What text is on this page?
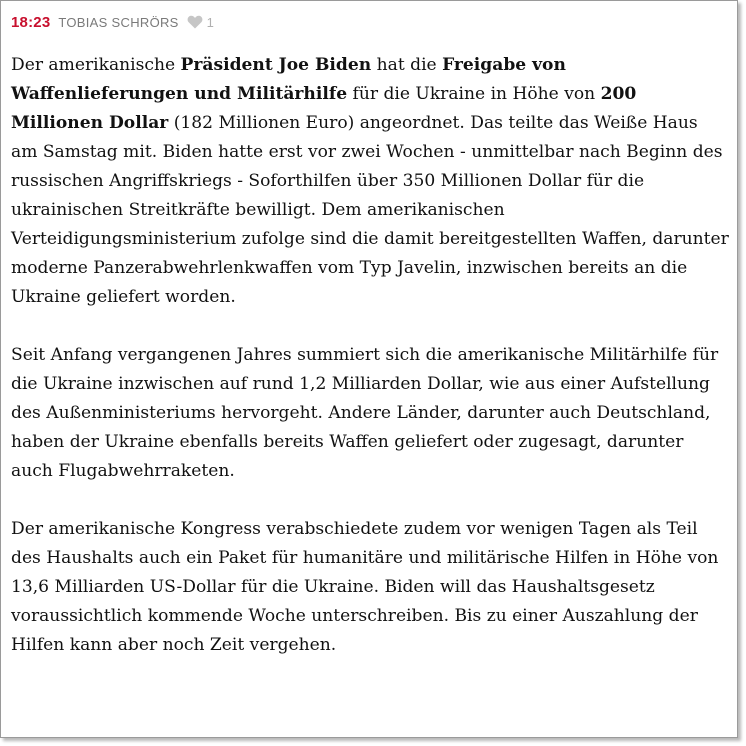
18:23 TOBIAS SCHRÖRS 1

Der amerikanische Präsident Joe Biden hat die Freigabe von Waffenlieferungen und Militärhilfe für die Ukraine in Höhe von 200 Millionen Dollar (182 Millionen Euro) angeordnet. Das teilte das Weiße Haus am Samstag mit. Biden hatte erst vor zwei Wochen - unmittelbar nach Beginn des russischen Angriffskriegs - Soforthilfen über 350 Millionen Dollar für die ukrainischen Streitkräfte bewilligt. Dem amerikanischen Verteidigungsministerium zufolge sind die damit bereitgestellten Waffen, darunter moderne Panzerabwehrlenkwaffen vom Typ Javelin, inzwischen bereits an die Ukraine geliefert worden.

Seit Anfang vergangenen Jahres summiert sich die amerikanische Militärhilfe für die Ukraine inzwischen auf rund 1,2 Milliarden Dollar, wie aus einer Aufstellung des Außenministeriums hervorgeht. Andere Länder, darunter auch Deutschland, haben der Ukraine ebenfalls bereits Waffen geliefert oder zugesagt, darunter auch Flugabwehrraketen.

Der amerikanische Kongress verabschiedete zudem vor wenigen Tagen als Teil des Haushalts auch ein Paket für humanitäre und militärische Hilfen in Höhe von 13,6 Milliarden US-Dollar für die Ukraine. Biden will das Haushaltsgesetz voraussichtlich kommende Woche unterschreiben. Bis zu einer Auszahlung der Hilfen kann aber noch Zeit vergehen.
